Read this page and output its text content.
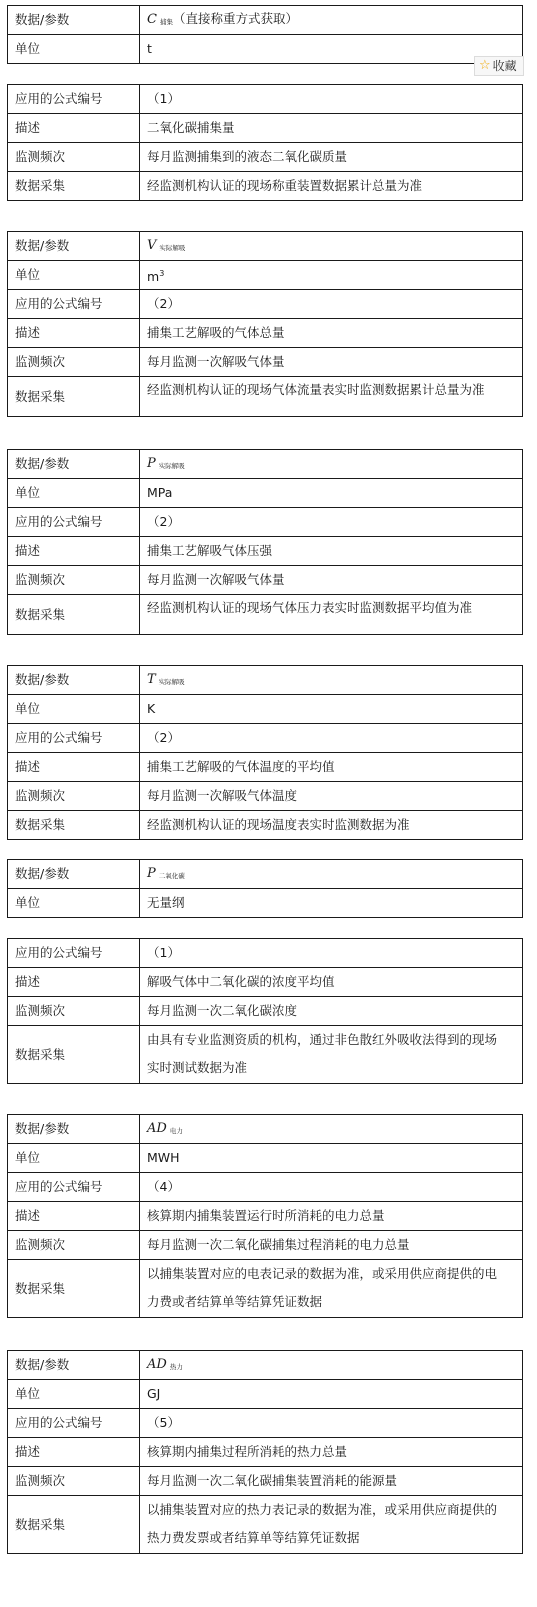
数据/参数	C 捕集（直接称重方式获取）
单位	t
☆ 收藏
应用的公式编号	（1）
描述	二氧化碳捕集量
监测频次	每月监测捕集到的液态二氧化碳质量
数据采集	经监测机构认证的现场称重装置数据累计总量为准
数据/参数	V 实际解吸
单位	$m^3$
应用的公式编号	（2）
描述	捕集工艺解吸的气体总量
监测频次	每月监测一次解吸气体量
数据采集	经监测机构认证的现场气体流量表实时监测数据累计总量为准
数据/参数	P 实际解吸
单位	MPa
应用的公式编号	（2）
描述	捕集工艺解吸气体压强
监测频次	每月监测一次解吸气体量
数据采集	经监测机构认证的现场气体压力表实时监测数据平均值为准
数据/参数	T 实际解吸
单位	K
应用的公式编号	（2）
描述	捕集工艺解吸的气体温度的平均值
监测频次	每月监测一次解吸气体温度
数据采集	经监测机构认证的现场温度表实时监测数据为准
数据/参数	P 二氧化碳
单位	无量纲
应用的公式编号	（1）
描述	解吸气体中二氧化碳的浓度平均值
监测频次	每月监测一次二氧化碳浓度
数据采集	由具有专业监测资质的机构，通过非色散红外吸收法得到的现场
实时测试数据为准
数据/参数	AD 电力
单位	MWH
应用的公式编号	（4）
描述	核算期内捕集装置运行时所消耗的电力总量
监测频次	每月监测一次二氧化碳捕集过程消耗的电力总量
数据采集	以捕集装置对应的电表记录的数据为准，或采用供应商提供的电
力费或者结算单等结算凭证数据
数据/参数	AD 热力
单位	GJ
应用的公式编号	（5）
描述	核算期内捕集过程所消耗的热力总量
监测频次	每月监测一次二氧化碳捕集装置消耗的能源量
数据采集	以捕集装置对应的热力表记录的数据为准，或采用供应商提供的
热力费发票或者结算单等结算凭证数据
